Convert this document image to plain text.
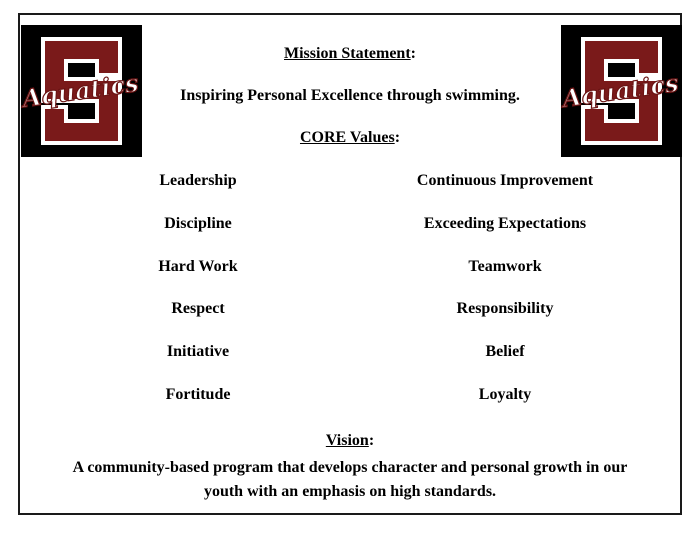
Aquatics	Aquatics
Mission Statement:
Inspiring Personal Excellence through swimming.
CORE Values:
Leadership
Discipline
Hard Work
Respect
Initiative
Fortitude
Continuous Improvement
Exceeding Expectations
Teamwork
Responsibility
Belief
Loyalty
Vision:
A community-based program that develops character and personal growth in our
youth with an emphasis on high standards.
